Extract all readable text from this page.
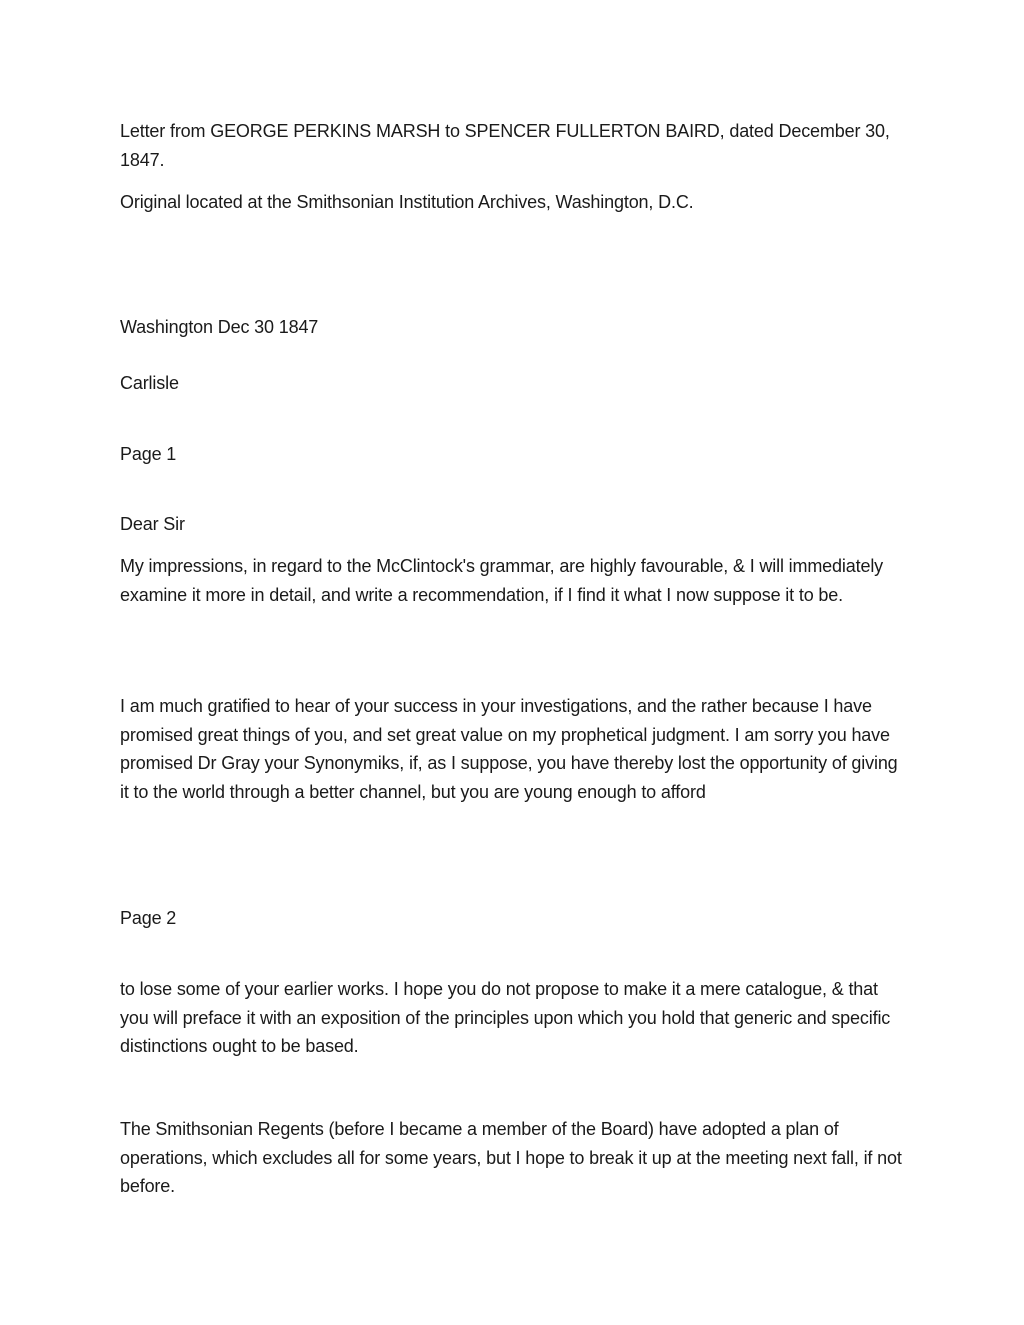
Letter from GEORGE PERKINS MARSH to SPENCER FULLERTON BAIRD, dated December 30, 1847.

Original located at the Smithsonian Institution Archives, Washington, D.C.

Washington Dec 30 1847

Carlisle

Page 1

Dear Sir

My impressions, in regard to the McClintock's grammar, are highly favourable, & I will immediately examine it more in detail, and write a recommendation, if I find it what I now suppose it to be.

I am much gratified to hear of your success in your investigations, and the rather because I have promised great things of you, and set great value on my prophetical judgment. I am sorry you have promised Dr Gray your Synonymiks, if, as I suppose, you have thereby lost the opportunity of giving it to the world through a better channel, but you are young enough to afford

Page 2

to lose some of your earlier works. I hope you do not propose to make it a mere catalogue, & that you will preface it with an exposition of the principles upon which you hold that generic and specific distinctions ought to be based.

The Smithsonian Regents (before I became a member of the Board) have adopted a plan of operations, which excludes all for some years, but I hope to break it up at the meeting next fall, if not before.
